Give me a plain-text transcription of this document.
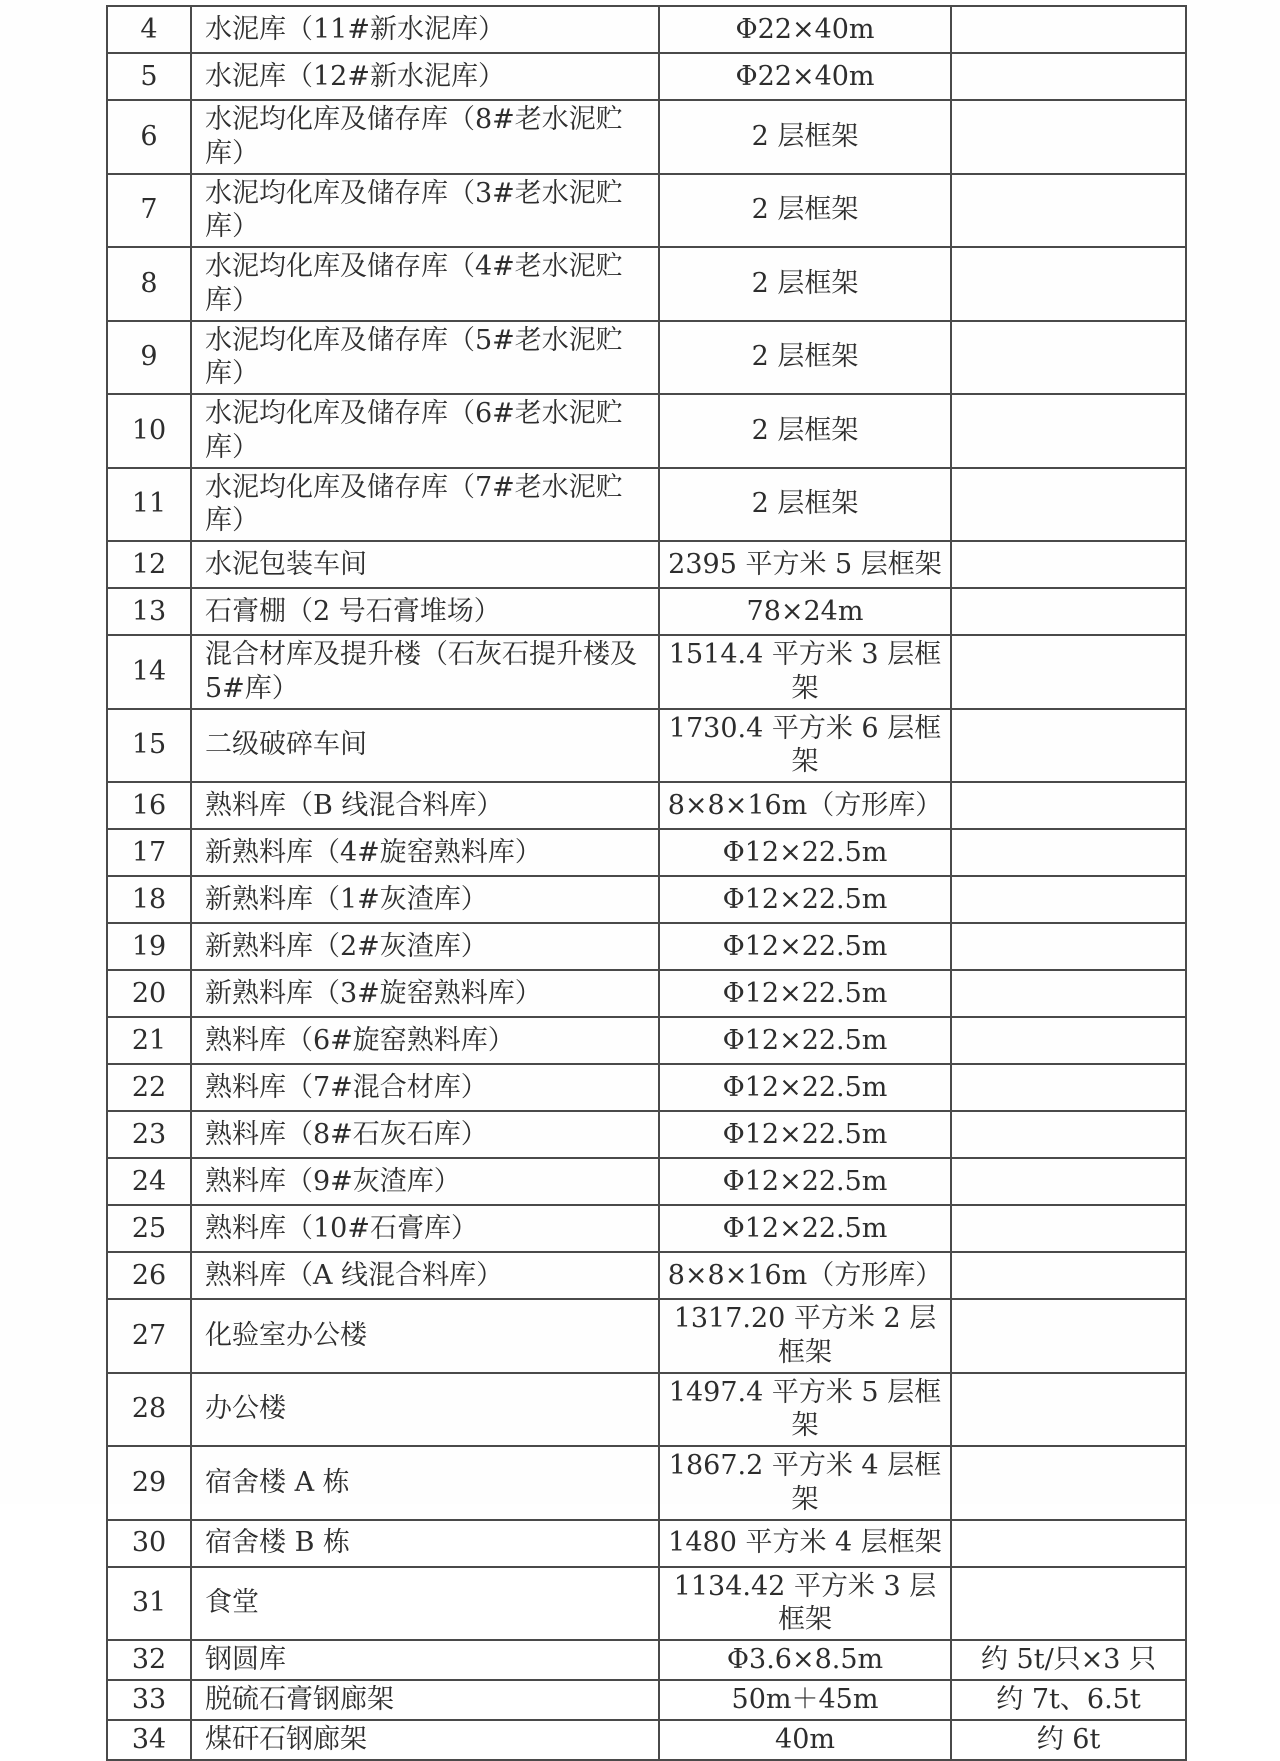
4	水泥库（11#新水泥库）	Φ22×40m	
5	水泥库（12#新水泥库）	Φ22×40m	
6	水泥均化库及储存库（8#老水泥贮库）	2 层框架	
7	水泥均化库及储存库（3#老水泥贮库）	2 层框架	
8	水泥均化库及储存库（4#老水泥贮库）	2 层框架	
9	水泥均化库及储存库（5#老水泥贮库）	2 层框架	
10	水泥均化库及储存库（6#老水泥贮库）	2 层框架	
11	水泥均化库及储存库（7#老水泥贮库）	2 层框架	
12	水泥包装车间	2395 平方米 5 层框架	
13	石膏棚（2 号石膏堆场）	78×24m	
14	混合材库及提升楼（石灰石提升楼及 5#库）	1514.4 平方米 3 层框架	
15	二级破碎车间	1730.4 平方米 6 层框架	
16	熟料库（B 线混合料库）	8×8×16m（方形库）	
17	新熟料库（4#旋窑熟料库）	Φ12×22.5m	
18	新熟料库（1#灰渣库）	Φ12×22.5m	
19	新熟料库（2#灰渣库）	Φ12×22.5m	
20	新熟料库（3#旋窑熟料库）	Φ12×22.5m	
21	熟料库（6#旋窑熟料库）	Φ12×22.5m	
22	熟料库（7#混合材库）	Φ12×22.5m	
23	熟料库（8#石灰石库）	Φ12×22.5m	
24	熟料库（9#灰渣库）	Φ12×22.5m	
25	熟料库（10#石膏库）	Φ12×22.5m	
26	熟料库（A 线混合料库）	8×8×16m（方形库）	
27	化验室办公楼	1317.20 平方米 2 层框架	
28	办公楼	1497.4 平方米 5 层框架	
29	宿舍楼 A 栋	1867.2 平方米 4 层框架	
30	宿舍楼 B 栋	1480 平方米 4 层框架	
31	食堂	1134.42 平方米 3 层框架	
32	钢圆库	Φ3.6×8.5m	约 5t/只×3 只
33	脱硫石膏钢廊架	50m＋45m	约 7t、6.5t
34	煤矸石钢廊架	40m	约 6t
